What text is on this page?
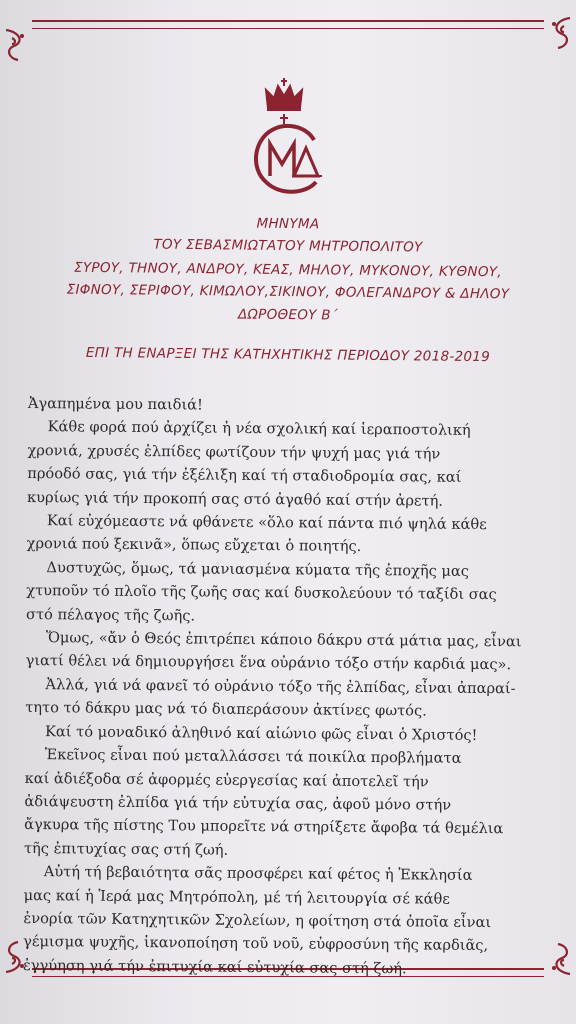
ΜΗΝΥΜΑ
ΤΟΥ ΣΕΒΑΣΜΙΩΤΑΤΟΥ ΜΗΤΡΟΠΟΛΙΤΟΥ
ΣΥΡΟΥ, ΤΗΝΟΥ, ΑΝΔΡΟΥ, ΚΕΑΣ, ΜΗΛΟΥ, ΜΥΚΟΝΟΥ, ΚΥΘΝΟΥ,
ΣΙΦΝΟΥ, ΣΕΡΙΦΟΥ, ΚΙΜΩΛΟΥ,ΣΙΚΙΝΟΥ, ΦΟΛΕΓΑΝΔΡΟΥ & ΔΗΛΟΥ
ΔΩΡΟΘΕΟΥ Β΄
ΕΠΙ ΤΗ ΕΝΑΡΞΕΙ ΤΗΣ ΚΑΤΗΧΗΤΙΚΗΣ ΠΕΡΙΟΔΟΥ 2018-2019
Ἀγαπημένα μου παιδιά!
Κάθε φορά πού ἀρχίζει ἡ νέα σχολική καί ἱεραποστολική
χρονιά, χρυσές ἐλπίδες φωτίζουν τήν ψυχή μας γιά τήν
πρόοδό σας, γιά τήν ἐξέλιξη καί τή σταδιοδρομία σας, καί
κυρίως γιά τήν προκοπή σας στό ἀγαθό καί στήν ἀρετή.
Καί εὐχόμεαστε νά φθάνετε «ὅλο καί πάντα πιό ψηλά κάθε
χρονιά πού ξεκινᾶ», ὅπως εὔχεται ὁ ποιητής.
Δυστυχῶς, ὅμως, τά μανιασμένα κύματα τῆς ἐποχῆς μας
χτυποῦν τό πλοῖο τῆς ζωῆς σας καί δυσκολεύουν τό ταξίδι σας
στό πέλαγος τῆς ζωῆς.
Ὅμως, «ἄν ὁ Θεός ἐπιτρέπει κάποιο δάκρυ στά μάτια μας, εἶναι
γιατί θέλει νά δημιουργήσει ἕνα οὐράνιο τόξο στήν καρδιά μας».
Ἀλλά, γιά νά φανεῖ τό οὐράνιο τόξο τῆς ἐλπίδας, εἶναι ἀπαραί-
τητο τό δάκρυ μας νά τό διαπεράσουν ἀκτίνες φωτός.
Καί τό μοναδικό ἀληθινό καί αἰώνιο φῶς εἶναι ὁ Χριστός!
Ἐκεῖνος εἶναι πού μεταλλάσσει τά ποικίλα προβλήματα
καί ἀδιέξοδα σέ ἀφορμές εὐεργεσίας καί ἀποτελεῖ τήν
ἀδιάψευστη ἐλπίδα γιά τήν εὐτυχία σας, ἀφοῦ μόνο στήν
ἄγκυρα τῆς πίστης Του μπορεῖτε νά στηρίξετε ἄφοβα τά θεμέλια
τῆς ἐπιτυχίας σας στή ζωή.
Αὐτή τή βεβαιότητα σᾶς προσφέρει καί φέτος ἡ Ἐκκλησία
μας καί ἡ Ἱερά μας Μητρόπολη, μέ τή λειτουργία σέ κάθε
ἐνορία τῶν Κατηχητικῶν Σχολείων, η φοίτηση στά ὁποῖα εἶναι
γέμισμα ψυχῆς, ἱκανοποίηση τοῦ νοῦ, εὐφροσύνη τῆς καρδιᾶς,
ἐγγύηση γιά τήν ἐπιτυχία καί εὐτυχία σας στή ζωή.
